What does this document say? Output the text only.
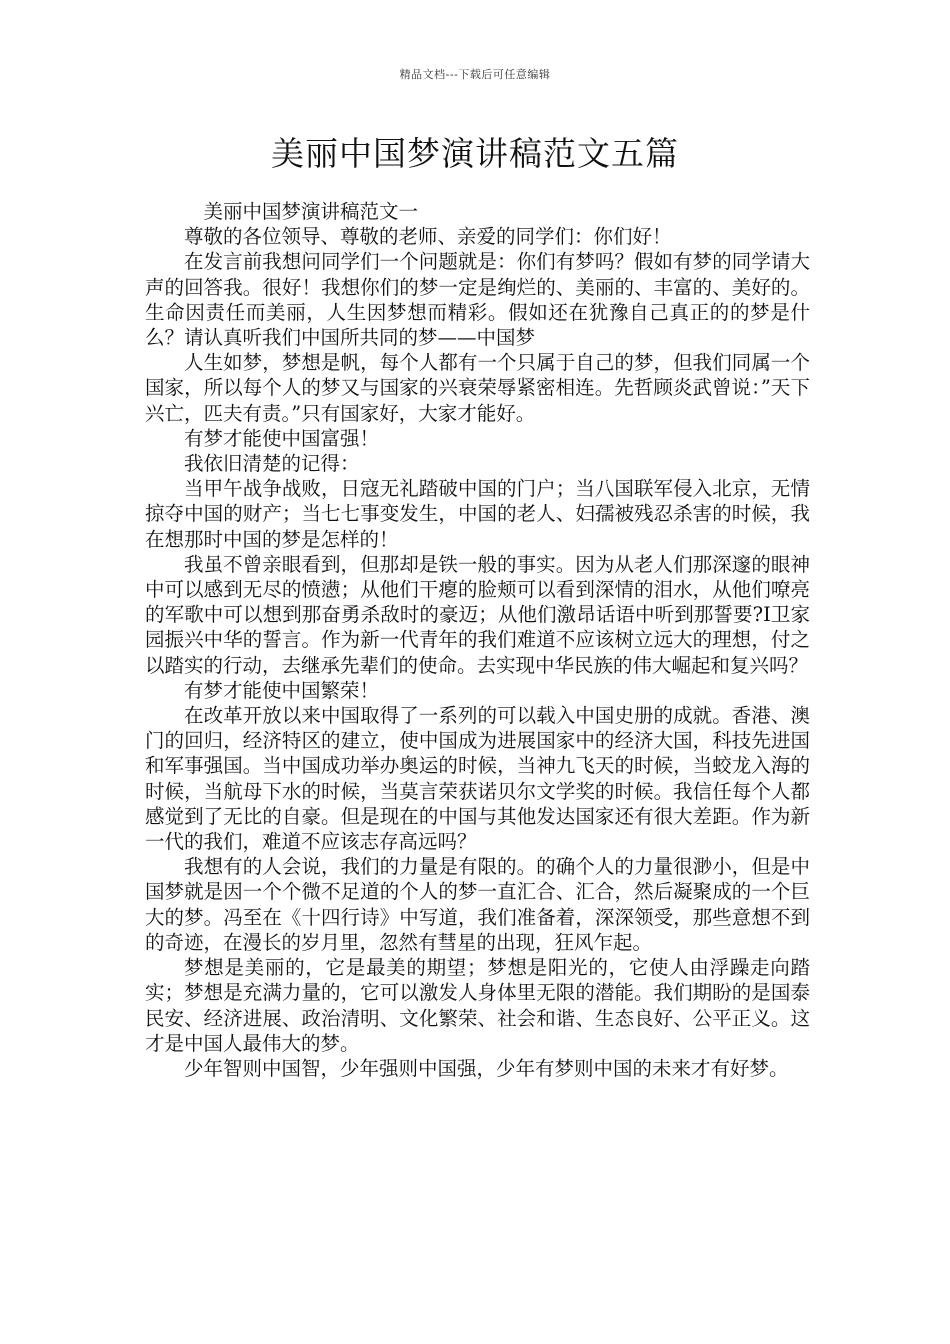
精品文档---下载后可任意编辑
美丽中国梦演讲稿范文五篇

美丽中国梦演讲稿范文一

尊敬的各位领导、尊敬的老师、亲爱的同学们：你们好！

在发言前我想问同学们一个问题就是：你们有梦吗？假如有梦的同学请大声的回答我。很好！我想你们的梦一定是绚烂的、美丽的、丰富的、美好的。生命因责任而美丽，人生因梦想而精彩。假如还在犹豫自己真正的的梦是什么？请认真听我们中国所共同的梦——中国梦

人生如梦，梦想是帆，每个人都有一个只属于自己的梦，但我们同属一个国家，所以每个人的梦又与国家的兴衰荣辱紧密相连。先哲顾炎武曾说：”天下兴亡，匹夫有责。”只有国家好，大家才能好。

有梦才能使中国富强！

我依旧清楚的记得：

当甲午战争战败，日寇无礼踏破中国的门户；当八国联军侵入北京，无情掠夺中国的财产；当七七事变发生，中国的老人、妇孺被残忍杀害的时候，我在想那时中国的梦是怎样的！

我虽不曾亲眼看到，但那却是铁一般的事实。因为从老人们那深邃的眼神中可以感到无尽的愤懑；从他们干瘪的脸颊可以看到深情的泪水，从他们嘹亮的军歌中可以想到那奋勇杀敌时的豪迈；从他们激昂话语中听到那誓要?I卫家园振兴中华的誓言。作为新一代青年的我们难道不应该树立远大的理想，付之以踏实的行动，去继承先辈们的使命。去实现中华民族的伟大崛起和复兴吗？

有梦才能使中国繁荣！

在改革开放以来中国取得了一系列的可以载入中国史册的成就。香港、澳门的回归，经济特区的建立，使中国成为进展国家中的经济大国，科技先进国和军事强国。当中国成功举办奥运的时候，当神九飞天的时候，当蛟龙入海的时候，当航母下水的时候，当莫言荣获诺贝尔文学奖的时候。我信任每个人都感觉到了无比的自豪。但是现在的中国与其他发达国家还有很大差距。作为新一代的我们，难道不应该志存高远吗？

我想有的人会说，我们的力量是有限的。的确个人的力量很渺小，但是中国梦就是因一个个微不足道的个人的梦一直汇合、汇合，然后凝聚成的一个巨大的梦。冯至在《十四行诗》中写道，我们准备着，深深领受，那些意想不到的奇迹，在漫长的岁月里，忽然有彗星的出现，狂风乍起。

梦想是美丽的，它是最美的期望；梦想是阳光的，它使人由浮躁走向踏实；梦想是充满力量的，它可以激发人身体里无限的潜能。我们期盼的是国泰民安、经济进展、政治清明、文化繁荣、社会和谐、生态良好、公平正义。这才是中国人最伟大的梦。

少年智则中国智，少年强则中国强，少年有梦则中国的未来才有好梦。
